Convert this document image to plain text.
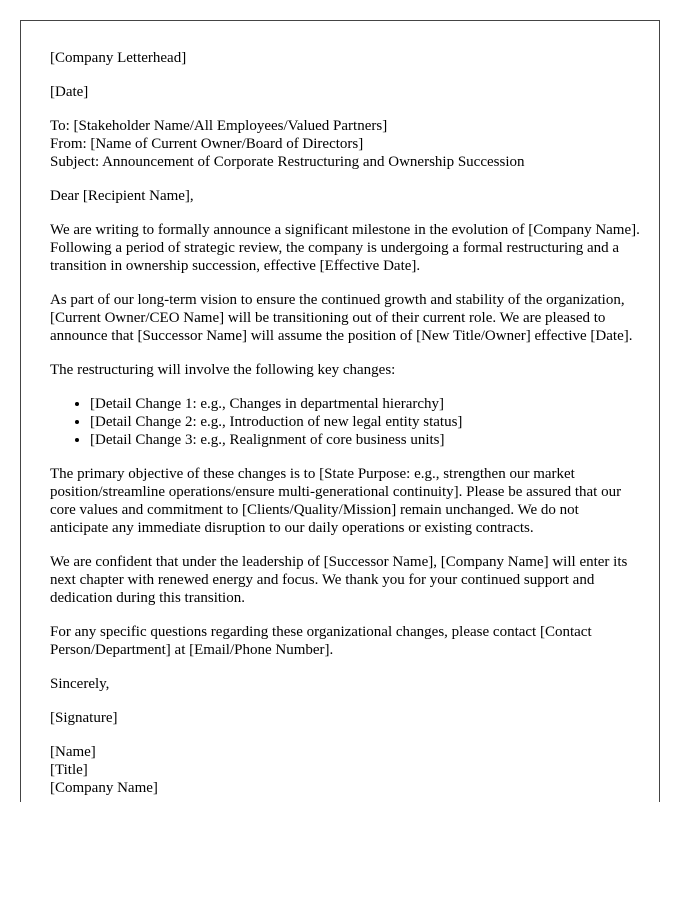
[Company Letterhead]

[Date]

To: [Stakeholder Name/All Employees/Valued Partners]
From: [Name of Current Owner/Board of Directors]
Subject: Announcement of Corporate Restructuring and Ownership Succession

Dear [Recipient Name],

We are writing to formally announce a significant milestone in the evolution of [Company Name]. Following a period of strategic review, the company is undergoing a formal restructuring and a transition in ownership succession, effective [Effective Date].

As part of our long-term vision to ensure the continued growth and stability of the organization, [Current Owner/CEO Name] will be transitioning out of their current role. We are pleased to announce that [Successor Name] will assume the position of [New Title/Owner] effective [Date].

The restructuring will involve the following key changes:

• [Detail Change 1: e.g., Changes in departmental hierarchy]
• [Detail Change 2: e.g., Introduction of new legal entity status]
• [Detail Change 3: e.g., Realignment of core business units]

The primary objective of these changes is to [State Purpose: e.g., strengthen our market position/streamline operations/ensure multi-generational continuity]. Please be assured that our core values and commitment to [Clients/Quality/Mission] remain unchanged. We do not anticipate any immediate disruption to our daily operations or existing contracts.

We are confident that under the leadership of [Successor Name], [Company Name] will enter its next chapter with renewed energy and focus. We thank you for your continued support and dedication during this transition.

For any specific questions regarding these organizational changes, please contact [Contact Person/Department] at [Email/Phone Number].

Sincerely,

[Signature]

[Name]
[Title]
[Company Name]
